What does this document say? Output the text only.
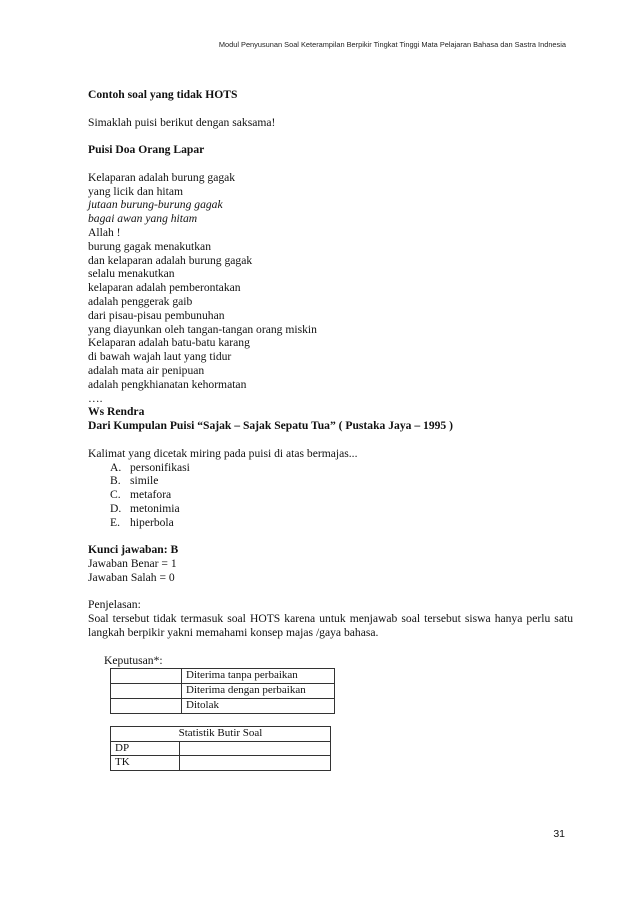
Modul Penyusunan Soal Keterampilan Berpikir Tingkat Tinggi Mata Pelajaran Bahasa dan Sastra Indnesia
Contoh soal yang tidak HOTS
Simaklah puisi berikut dengan saksama!
Puisi Doa Orang Lapar
Kelaparan adalah burung gagak
yang licik dan hitam
jutaan burung-burung gagak
bagai awan yang hitam
Allah !
burung gagak menakutkan
dan kelaparan adalah burung gagak
selalu menakutkan
kelaparan adalah pemberontakan
adalah penggerak gaib
dari pisau-pisau pembunuhan
yang diayunkan oleh tangan-tangan orang miskin
Kelaparan adalah batu-batu karang
di bawah wajah laut yang tidur
adalah mata air penipuan
adalah pengkhianatan kehormatan
….
Ws Rendra
Dari Kumpulan Puisi “Sajak – Sajak Sepatu Tua” ( Pustaka Jaya – 1995 )
Kalimat yang dicetak miring pada puisi di atas bermajas...
A. personifikasi
B. simile
C. metafora
D. metonimia
E. hiperbola
Kunci jawaban: B
Jawaban Benar = 1
Jawaban Salah = 0
Penjelasan:
Soal tersebut tidak termasuk soal HOTS karena untuk menjawab soal tersebut siswa hanya perlu satu langkah berpikir yakni memahami konsep majas /gaya bahasa.
Keputusan*:
	Diterima tanpa perbaikan
	Diterima dengan perbaikan
	Ditolak
Statistik Butir Soal	
DP	
TK	
31
